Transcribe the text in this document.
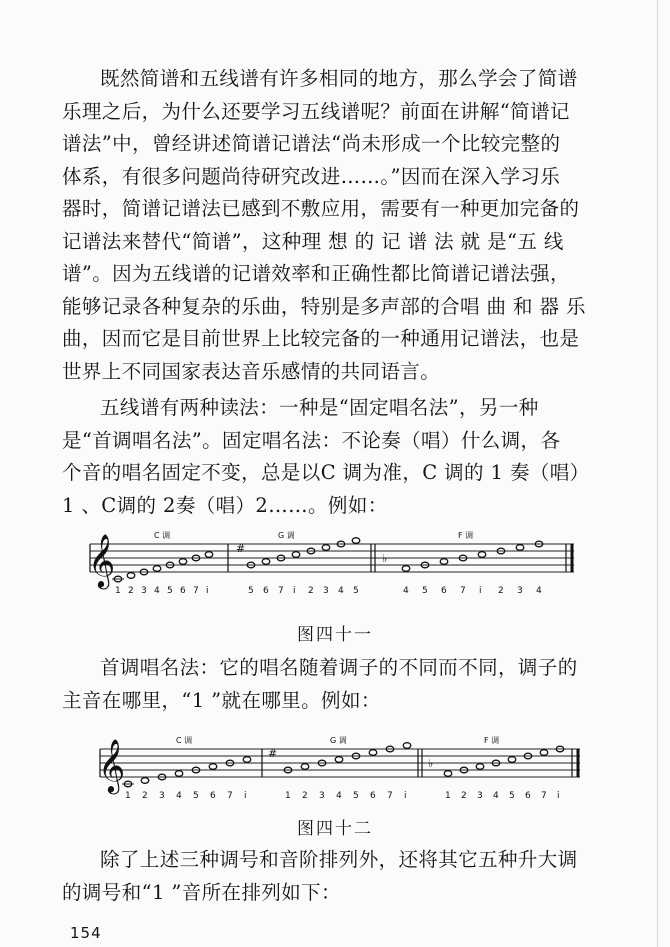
既然简谱和五线谱有许多相同的地方，那么学会了简谱
乐理之后，为什么还要学习五线谱呢？前面在讲解“简谱记
谱法”中，曾经讲述简谱记谱法“尚未形成一个比较完整的
体系，有很多问题尚待研究改进……。”因而在深入学习乐
器时，简谱记谱法已感到不敷应用，需要有一种更加完备的
记谱法来替代“简谱”，这种理 想 的 记 谱 法 就 是“五 线
谱”。因为五线谱的记谱效率和正确性都比简谱记谱法强，
能够记录各种复杂的乐曲，特别是多声部的合唱 曲 和 器 乐
曲，因而它是目前世界上比较完备的一种通用记谱法，也是
世界上不同国家表达音乐感情的共同语言。
五线谱有两种读法：一种是“固定唱名法”，另一种
是“首调唱名法”。固定唱名法：不论奏（唱）什么调，各
个音的唱名固定不变，总是以C 调为准，C 调的 1 奏（唱）
1 、C调的 2奏（唱）2……。例如：
𝄞	C 调	G 调	F 调
#
♭
1 2 3 4 5 6 7 i	5 6 7 i 2 3 4 5	4 5 6 7 i 2 3 4
图四十一
首调唱名法：它的唱名随着调子的不同而不同，调子的
主音在哪里，“1 ”就在哪里。例如：
𝄞	C 调	G 调	F 调
#
♭
1 2 3 4 5 6 7 i	1 2 3 4 5 6 7 i	1 2 3 4 5 6 7 i
图四十二
除了上述三种调号和音阶排列外，还将其它五种升大调
的调号和“1 ”音所在排列如下：
154
